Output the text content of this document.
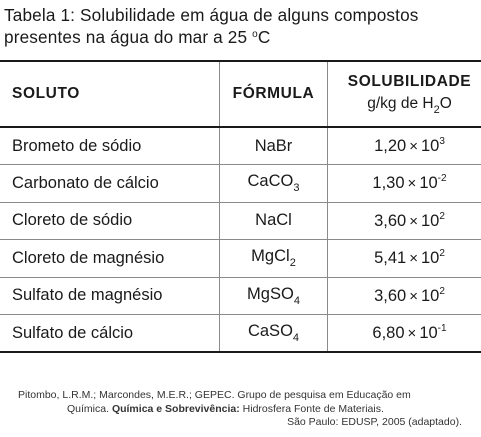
Tabela 1: Solubilidade em água de alguns compostos
presentes na água do mar a 25 $^o$C
SOLUTO	FÓRMULA	SOLUBILIDADE
g/kg de $H_2O$

Brometo de sódio	NaBr	$1,20 \times 10^3$
Carbonato de cálcio	CaCO$_3$	$1,30 \times 10^{-2}$
Cloreto de sódio	NaCl	$3,60 \times 10^2$
Cloreto de magnésio	MgCl$_2$	$5,41 \times 10^2$
Sulfato de magnésio	MgSO$_4$	$3,60 \times 10^2$
Sulfato de cálcio	CaSO$_4$	$6,80 \times 10^{-1}$
Pitombo, L.R.M.; Marcondes, M.E.R.; GEPEC. Grupo de pesquisa em Educação em
Química. Química e Sobrevivência: Hidrosfera Fonte de Materiais.
São Paulo: EDUSP, 2005 (adaptado).
